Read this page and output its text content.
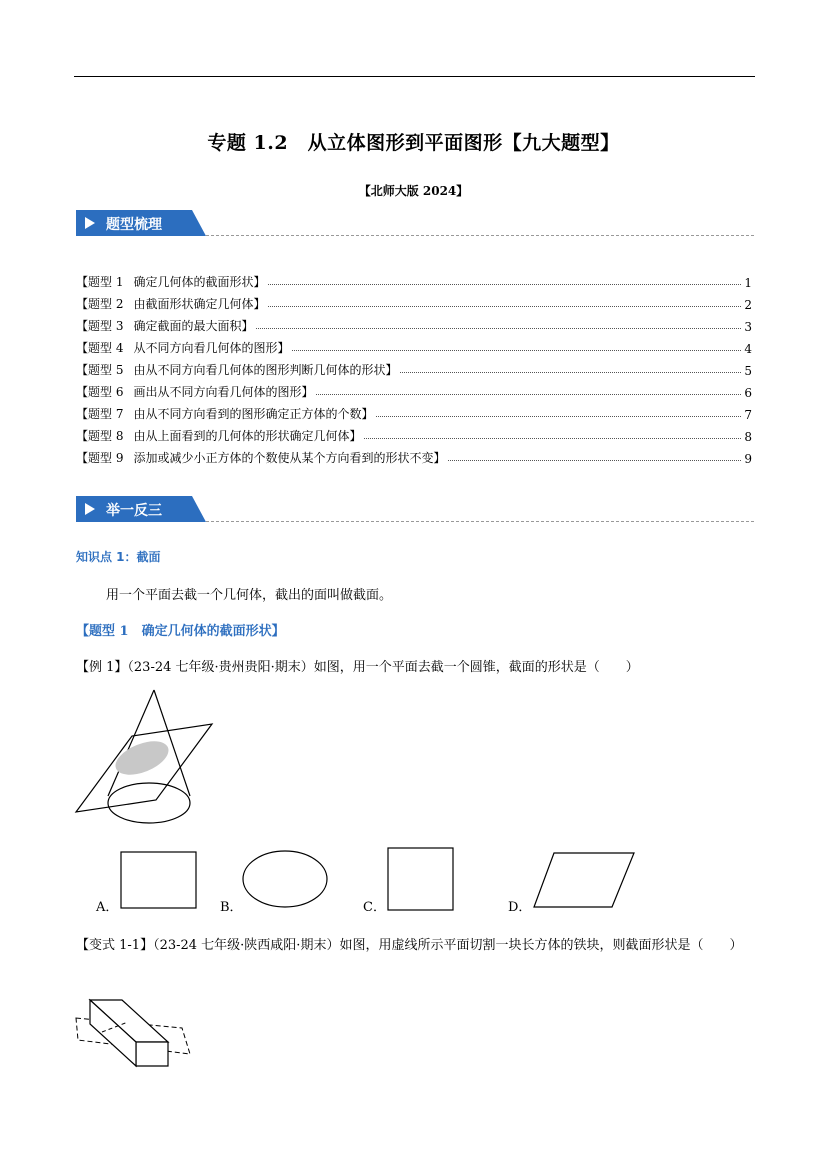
专题 1.2　从立体图形到平面图形【九大题型】
【北师大版 2024】
题型梳理
【题型 1 确定几何体的截面形状】	1
【题型 2 由截面形状确定几何体】	2
【题型 3 确定截面的最大面积】	3
【题型 4 从不同方向看几何体的图形】	4
【题型 5 由从不同方向看几何体的图形判断几何体的形状】	5
【题型 6 画出从不同方向看几何体的图形】	6
【题型 7 由从不同方向看到的图形确定正方体的个数】	7
【题型 8 由从上面看到的几何体的形状确定几何体】	8
【题型 9 添加或减少小正方体的个数使从某个方向看到的形状不变】	9
举一反三
知识点 1：截面
用一个平面去截一个几何体，截出的面叫做截面。
【题型 1　确定几何体的截面形状】
【例 1】（23-24 七年级·贵州贵阳·期末）如图，用一个平面去截一个圆锥，截面的形状是（　　）
A．	B．	C．	D．
【变式 1-1】（23-24 七年级·陕西咸阳·期末）如图，用虚线所示平面切割一块长方体的铁块，则截面形状是（　　）
